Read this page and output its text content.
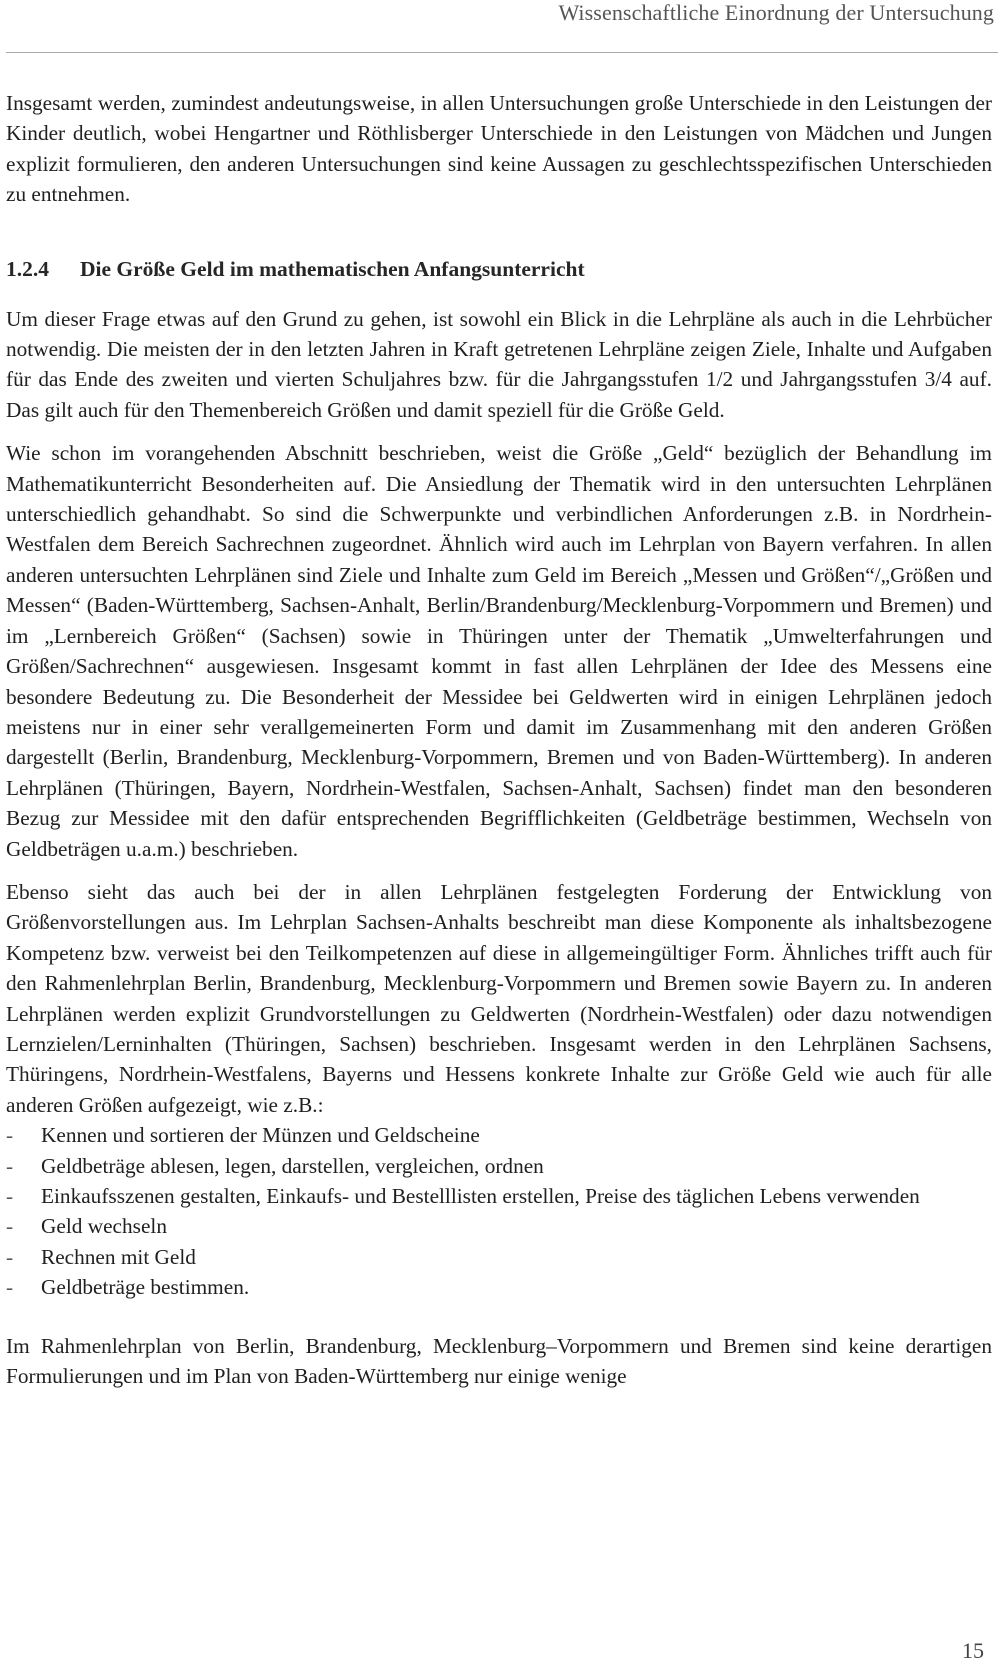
Wissenschaftliche Einordnung der Untersuchung

Insgesamt werden, zumindest andeutungsweise, in allen Untersuchungen große Unterschiede in den Leistungen der Kinder deutlich, wobei Hengartner und Röthlisberger Unterschiede in den Leistungen von Mädchen und Jungen explizit formulieren, den anderen Untersuchungen sind keine Aussagen zu geschlechtsspezifischen Unterschieden zu entnehmen.

1.2.4 Die Größe Geld im mathematischen Anfangsunterricht

Um dieser Frage etwas auf den Grund zu gehen, ist sowohl ein Blick in die Lehrpläne als auch in die Lehrbücher notwendig. Die meisten der in den letzten Jahren in Kraft getretenen Lehrpläne zeigen Ziele, Inhalte und Aufgaben für das Ende des zweiten und vierten Schuljahres bzw. für die Jahrgangsstufen 1/2 und Jahrgangsstufen 3/4 auf. Das gilt auch für den Themenbereich Größen und damit speziell für die Größe Geld.

Wie schon im vorangehenden Abschnitt beschrieben, weist die Größe „Geld“ bezüglich der Behandlung im Mathematikunterricht Besonderheiten auf. Die Ansiedlung der Thematik wird in den untersuchten Lehrplänen unterschiedlich gehandhabt. So sind die Schwerpunkte und verbindlichen Anforderungen z.B. in Nordrhein-Westfalen dem Bereich Sachrechnen zugeordnet. Ähnlich wird auch im Lehrplan von Bayern verfahren. In allen anderen untersuchten Lehrplänen sind Ziele und Inhalte zum Geld im Bereich „Messen und Größen“/„Größen und Messen“ (Baden-Württemberg, Sachsen-Anhalt, Berlin/Brandenburg/Mecklenburg-Vorpommern und Bremen) und im „Lernbereich Größen“ (Sachsen) sowie in Thüringen unter der Thematik „Umwelterfahrungen und Größen/Sachrechnen“ ausgewiesen. Insgesamt kommt in fast allen Lehrplänen der Idee des Messens eine besondere Bedeutung zu. Die Besonderheit der Messidee bei Geldwerten wird in einigen Lehrplänen jedoch meistens nur in einer sehr verallgemeinerten Form und damit im Zusammenhang mit den anderen Größen dargestellt (Berlin, Brandenburg, Mecklenburg-Vorpommern, Bremen und von Baden-Württemberg). In anderen Lehrplänen (Thüringen, Bayern, Nordrhein-Westfalen, Sachsen-Anhalt, Sachsen) findet man den besonderen Bezug zur Messidee mit den dafür entsprechenden Begrifflichkeiten (Geldbeträge bestimmen, Wechseln von Geldbeträgen u.a.m.) beschrieben.

Ebenso sieht das auch bei der in allen Lehrplänen festgelegten Forderung der Entwicklung von Größenvorstellungen aus. Im Lehrplan Sachsen-Anhalts beschreibt man diese Komponente als inhaltsbezogene Kompetenz bzw. verweist bei den Teilkompetenzen auf diese in allgemeingültiger Form. Ähnliches trifft auch für den Rahmenlehrplan Berlin, Brandenburg, Mecklenburg-Vorpommern und Bremen sowie Bayern zu. In anderen Lehrplänen werden explizit Grundvorstellungen zu Geldwerten (Nordrhein-Westfalen) oder dazu notwendigen Lernzielen/Lerninhalten (Thüringen, Sachsen) beschrieben. Insgesamt werden in den Lehrplänen Sachsens, Thüringens, Nordrhein-Westfalens, Bayerns und Hessens konkrete Inhalte zur Größe Geld wie auch für alle anderen Größen aufgezeigt, wie z.B.:

- Kennen und sortieren der Münzen und Geldscheine
- Geldbeträge ablesen, legen, darstellen, vergleichen, ordnen
- Einkaufsszenen gestalten, Einkaufs- und Bestelllisten erstellen, Preise des täglichen Lebens verwenden
- Geld wechseln
- Rechnen mit Geld
- Geldbeträge bestimmen.

Im Rahmenlehrplan von Berlin, Brandenburg, Mecklenburg–Vorpommern und Bremen sind keine derartigen Formulierungen und im Plan von Baden-Württemberg nur einige wenige

15
